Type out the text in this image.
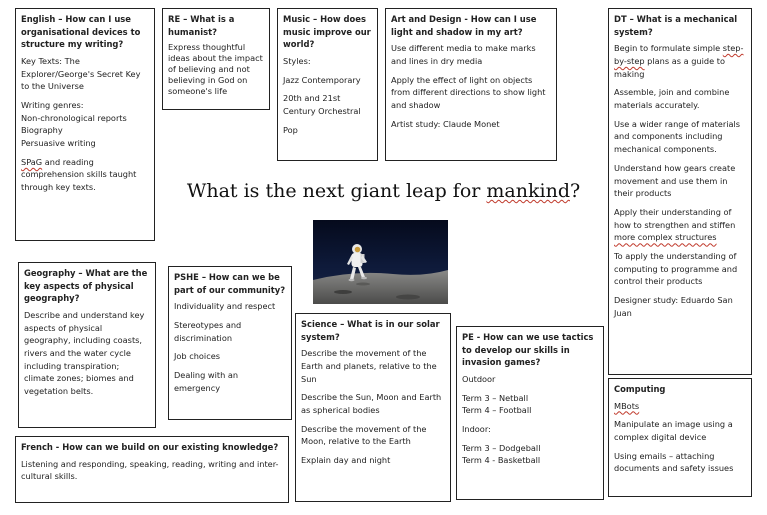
English – How can I use organisational devices to structure my writing?

Key Texts: The Explorer/George's Secret Key to the Universe

Writing genres:
Non-chronological reports
Biography
Persuasive writing

SPaG and reading comprehension skills taught through key texts.

RE – What is a humanist?

Express thoughtful ideas about the impact of believing and not believing in God on someone's life

Music – How does music improve our world?

Styles:

Jazz Contemporary

20th and 21st Century Orchestral

Pop

Art and Design - How can I use light and shadow in my art?

Use different media to make marks and lines in dry media

Apply the effect of light on objects from different directions to show light and shadow

Artist study: Claude Monet

DT – What is a mechanical system?

Begin to formulate simple step-by-step plans as a guide to making

Assemble, join and combine materials accurately.

Use a wider range of materials and components including mechanical components.

Understand how gears create movement and use them in their products

Apply their understanding of how to strengthen and stiffen more complex structures

To apply the understanding of computing to programme and control their products

Designer study: Eduardo San Juan

What is the next giant leap for mankind?
Geography – What are the key aspects of physical geography?

Describe and understand key aspects of physical geography, including coasts, rivers and the water cycle including transpiration; climate zones; biomes and vegetation belts.

PSHE – How can we be part of our community?

Individuality and respect

Stereotypes and discrimination

Job choices

Dealing with an emergency

Science – What is in our solar system?

Describe the movement of the Earth and planets, relative to the Sun

Describe the Sun, Moon and Earth as spherical bodies

Describe the movement of the Moon, relative to the Earth

Explain day and night

PE - How can we use tactics to develop our skills in invasion games?

Outdoor

Term 3 – Netball
Term 4 – Football

Indoor:

Term 3 – Dodgeball
Term 4 - Basketball

Computing

MBots

Manipulate an image using a complex digital device

Using emails – attaching documents and safety issues

French - How can we build on our existing knowledge?

Listening and responding, speaking, reading, writing and inter-cultural skills.
